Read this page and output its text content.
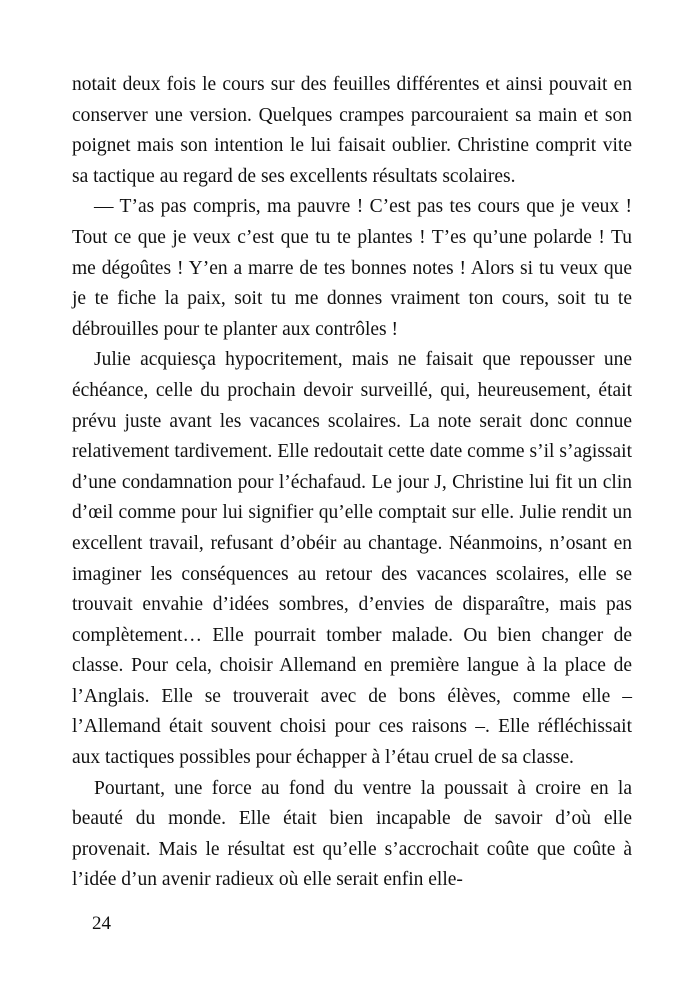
notait deux fois le cours sur des feuilles différentes et ainsi pouvait en conserver une version. Quelques crampes parcouraient sa main et son poignet mais son intention le lui faisait oublier. Christine comprit vite sa tactique au regard de ses excellents résultats scolaires.

— T’as pas compris, ma pauvre ! C’est pas tes cours que je veux ! Tout ce que je veux c’est que tu te plantes ! T’es qu’une polarde ! Tu me dégoûtes ! Y’en a marre de tes bonnes notes ! Alors si tu veux que je te fiche la paix, soit tu me donnes vraiment ton cours, soit tu te débrouilles pour te planter aux contrôles !

Julie acquiesça hypocritement, mais ne faisait que repousser une échéance, celle du prochain devoir surveillé, qui, heureusement, était prévu juste avant les vacances scolaires. La note serait donc connue relativement tardivement. Elle redoutait cette date comme s’il s’agissait d’une condamnation pour l’échafaud. Le jour J, Christine lui fit un clin d’œil comme pour lui signifier qu’elle comptait sur elle. Julie rendit un excellent travail, refusant d’obéir au chantage. Néanmoins, n’osant en imaginer les conséquences au retour des vacances scolaires, elle se trouvait envahie d’idées sombres, d’envies de disparaître, mais pas complètement… Elle pourrait tomber malade. Ou bien changer de classe. Pour cela, choisir Allemand en première langue à la place de l’Anglais. Elle se trouverait avec de bons élèves, comme elle – l’Allemand était souvent choisi pour ces raisons –. Elle réfléchissait aux tactiques possibles pour échapper à l’étau cruel de sa classe.

Pourtant, une force au fond du ventre la poussait à croire en la beauté du monde. Elle était bien incapable de savoir d’où elle provenait. Mais le résultat est qu’elle s’accrochait coûte que coûte à l’idée d’un avenir radieux où elle serait enfin elle-

24
